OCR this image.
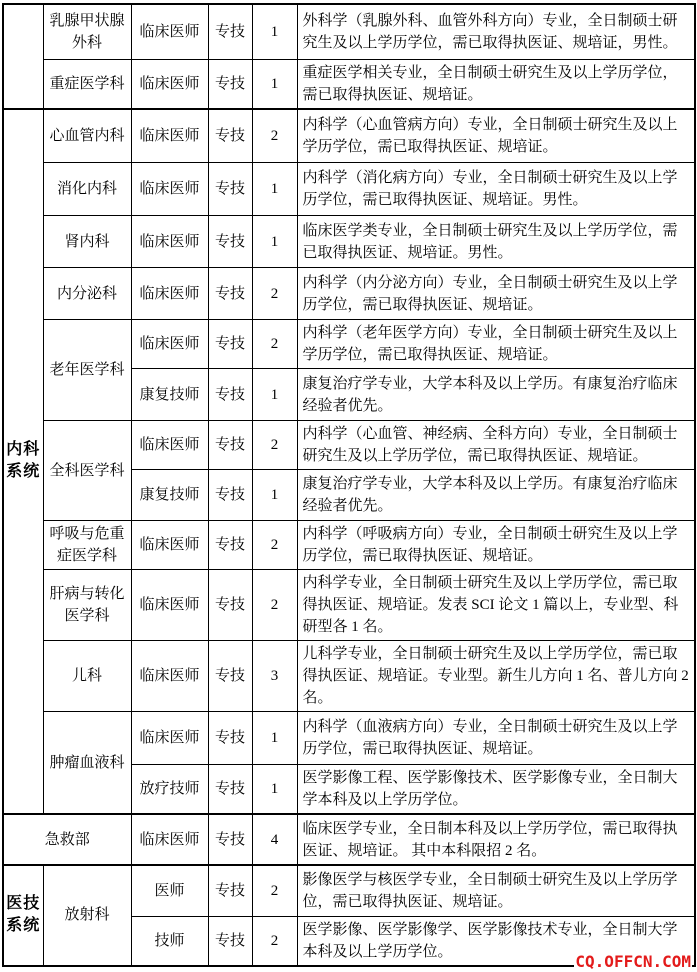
	乳腺甲状腺外科	临床医师	专技	1	外科学（乳腺外科、血管外科方向）专业，全日制硕士研究生及以上学历学位，需已取得执医证、规培证，男性。
	重症医学科	临床医师	专技	1	重症医学相关专业，全日制硕士研究生及以上学历学位，需已取得执医证、规培证。
内科系统	心血管内科	临床医师	专技	2	内科学（心血管病方向）专业，全日制硕士研究生及以上学历学位，需已取得执医证、规培证。
	消化内科	临床医师	专技	1	内科学（消化病方向）专业，全日制硕士研究生及以上学历学位，需已取得执医证、规培证。男性。
	肾内科	临床医师	专技	1	临床医学类专业，全日制硕士研究生及以上学历学位，需已取得执医证、规培证。男性。
	内分泌科	临床医师	专技	2	内科学（内分泌方向）专业，全日制硕士研究生及以上学历学位，需已取得执医证、规培证。
	老年医学科	临床医师	专技	2	内科学（老年医学方向）专业，全日制硕士研究生及以上学历学位，需已取得执医证、规培证。
		康复技师	专技	1	康复治疗学专业，大学本科及以上学历。有康复治疗临床经验者优先。
	全科医学科	临床医师	专技	2	内科学（心血管、神经病、全科方向）专业，全日制硕士研究生及以上学历学位，需已取得执医证、规培证。
		康复技师	专技	1	康复治疗学专业，大学本科及以上学历。有康复治疗临床经验者优先。
	呼吸与危重症医学科	临床医师	专技	2	内科学（呼吸病方向）专业，全日制硕士研究生及以上学历学位，需已取得执医证、规培证。
	肝病与转化医学科	临床医师	专技	2	内科学专业，全日制硕士研究生及以上学历学位，需已取得执医证、规培证。发表 SCI 论文 1 篇以上，专业型、科研型各 1 名。
	儿科	临床医师	专技	3	儿科学专业，全日制硕士研究生及以上学历学位，需已取得执医证、规培证。专业型。新生儿方向 1 名、普儿方向 2 名。
	肿瘤血液科	临床医师	专技	1	内科学（血液病方向）专业，全日制硕士研究生及以上学历学位，需已取得执医证、规培证。
		放疗技师	专技	1	医学影像工程、医学影像技术、医学影像专业，全日制大学本科及以上学历学位。
急救部		临床医师	专技	4	临床医学专业，全日制本科及以上学历学位，需已取得执医证、规培证。 其中本科限招 2 名。
医技系统	放射科	医师	专技	2	影像医学与核医学专业，全日制硕士研究生及以上学历学位，需已取得执医证、规培证。
		技师	专技	2	医学影像、医学影像学、医学影像技术专业，全日制大学本科及以上学历学位。
CQ.OFFCN.COM
